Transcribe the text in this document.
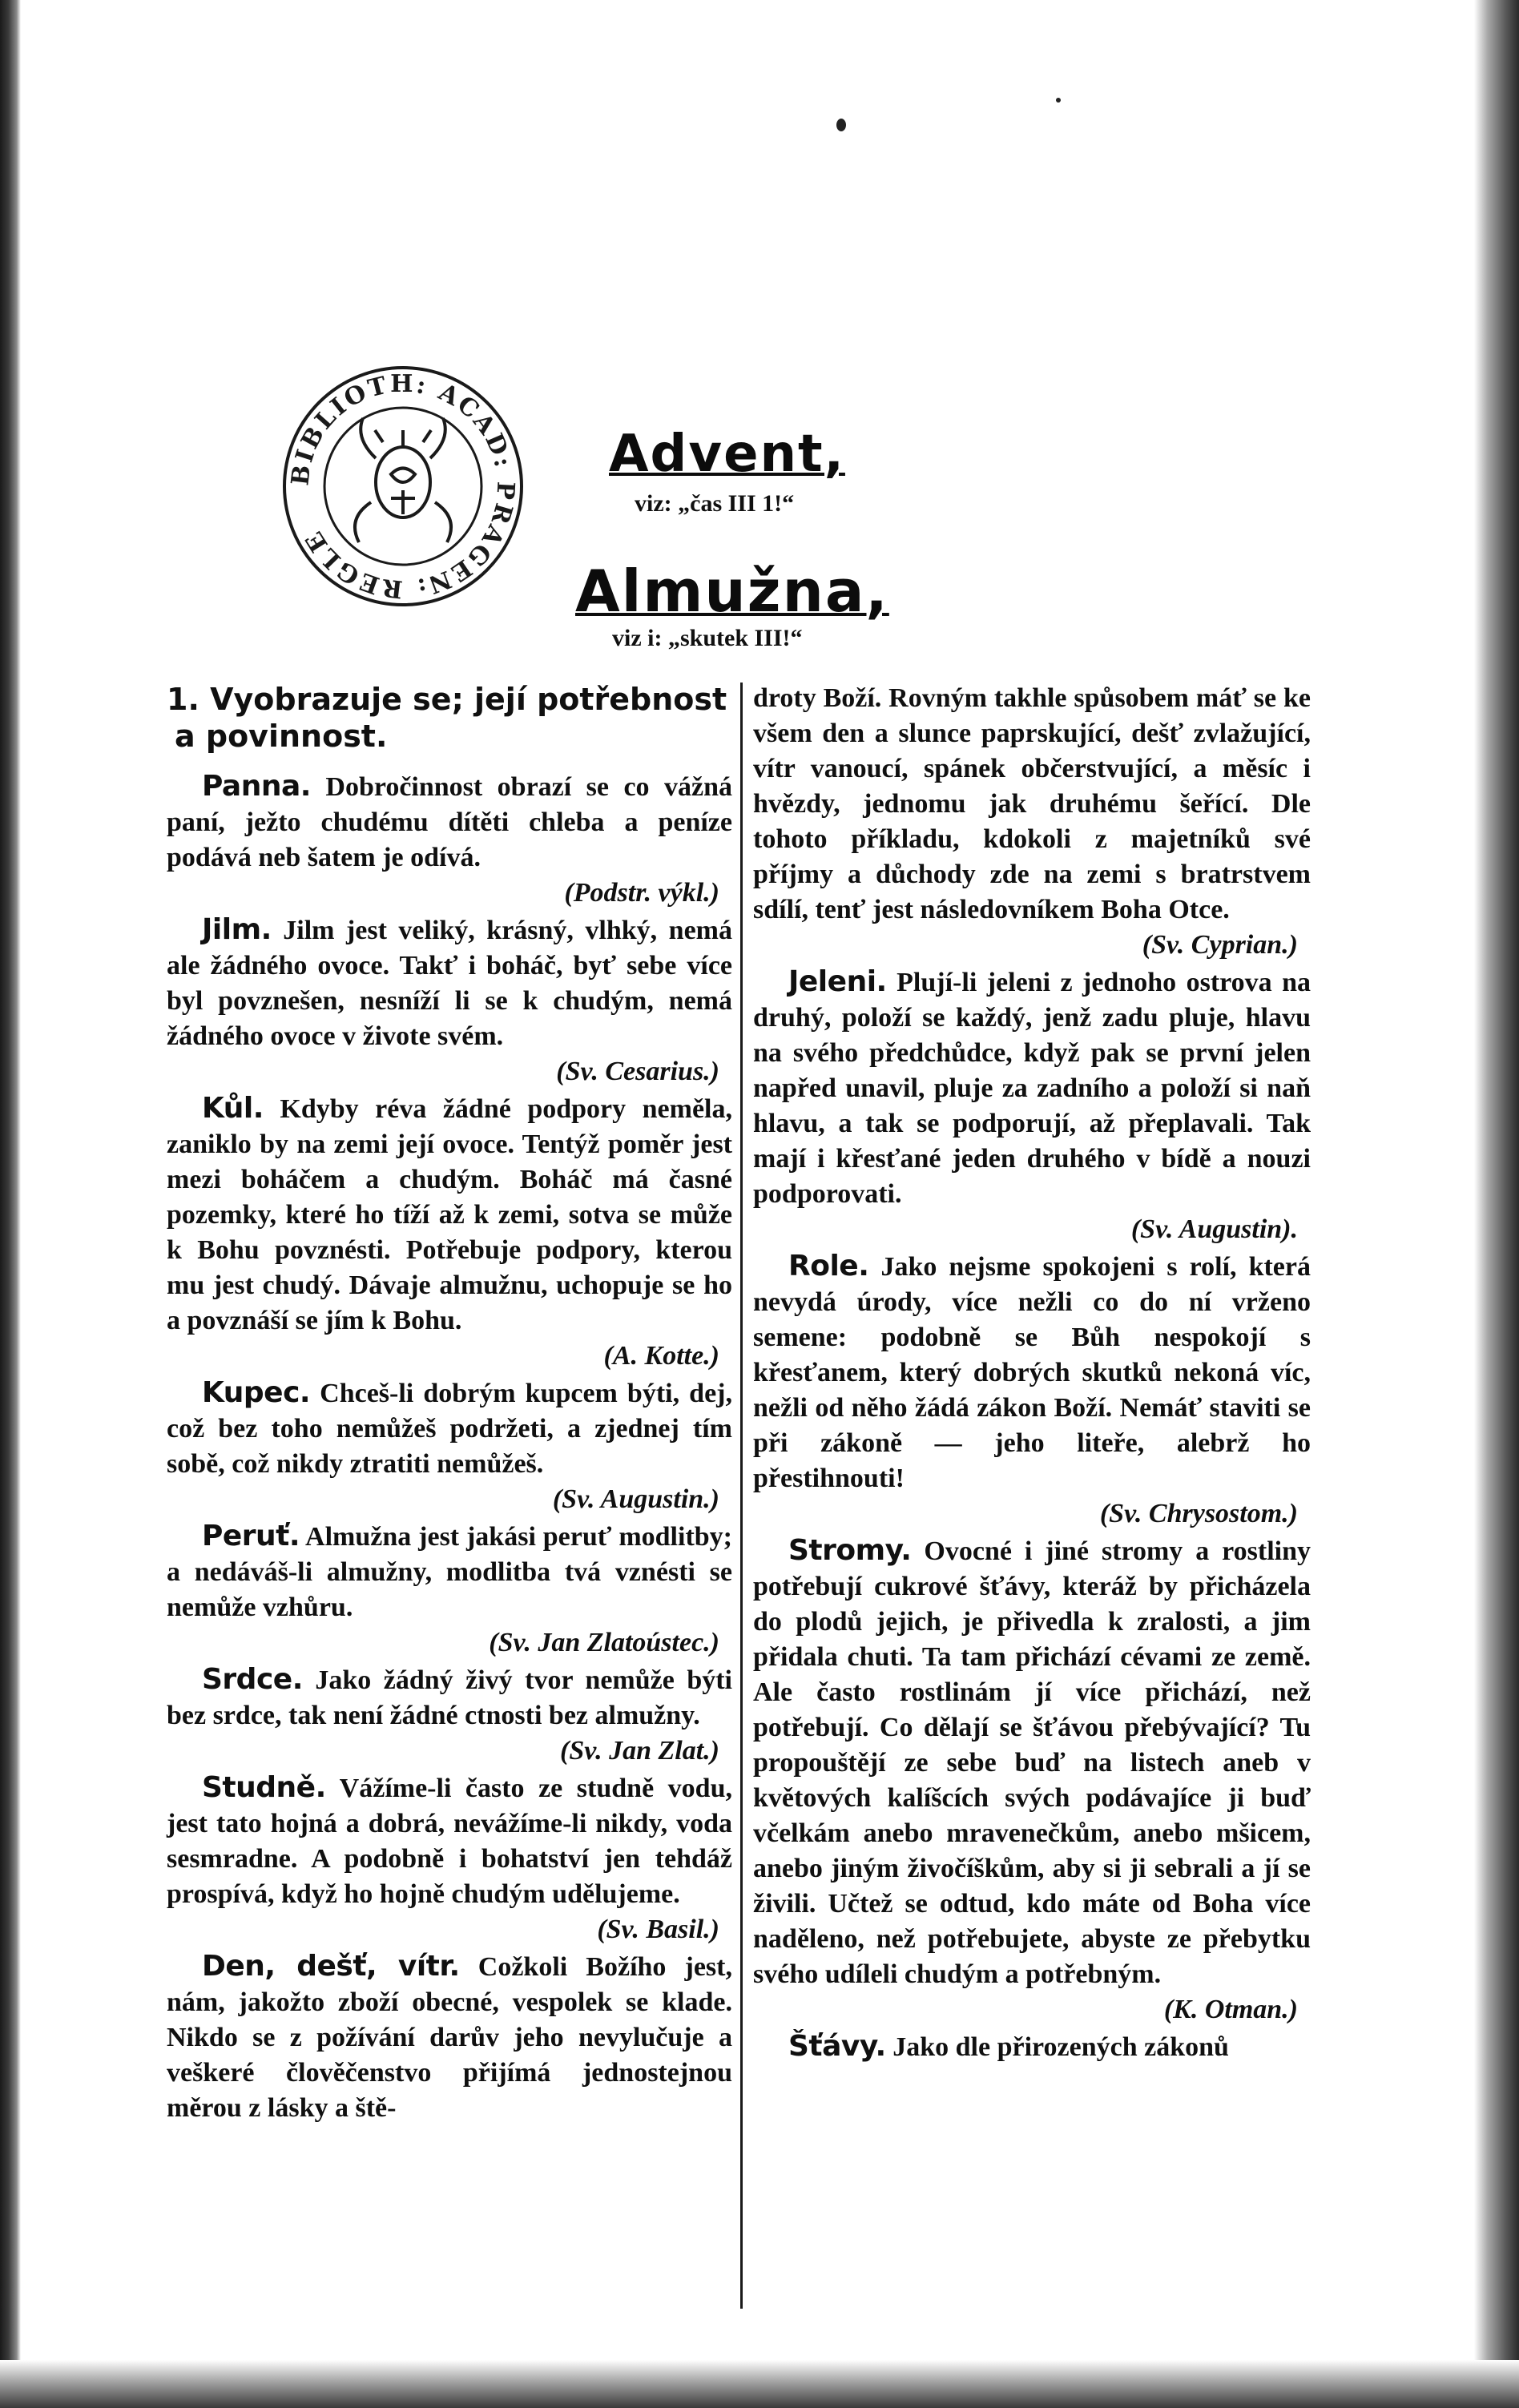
BIBLIOTH: ACAD: PRAGEN: REGLE
Advent,
viz: „čas III 1!“
Almužna,
viz i: „skutek III!“
1. Vyobrazuje se; její potřebnost
a povinnost.

Panna. Dobročinnost obrazí se co vážná paní, ježto chudému dítěti chleba a peníze podává neb šatem je odívá.
(Podstr. výkl.)

Jilm. Jilm jest veliký, krásný, vlhký, nemá ale žádného ovoce. Takť i boháč, byť sebe více byl povznešen, nesníží li se k chudým, nemá žádného ovoce v živote svém.
(Sv. Cesarius.)

Kůl. Kdyby réva žádné podpory neměla, zaniklo by na zemi její ovoce. Tentýž poměr jest mezi boháčem a chudým. Boháč má časné pozemky, které ho tíží až k zemi, sotva se může k Bohu povznésti. Potřebuje podpory, kterou mu jest chudý. Dávaje almužnu, uchopuje se ho a povznáší se jím k Bohu.
(A. Kotte.)

Kupec. Chceš-li dobrým kupcem býti, dej, což bez toho nemůžeš podržeti, a zjednej tím sobě, což nikdy ztratiti nemůžeš.
(Sv. Augustin.)

Peruť. Almužna jest jakási peruť modlitby; a nedáváš-li almužny, modlitba tvá vznésti se nemůže vzhůru.
(Sv. Jan Zlatoústec.)

Srdce. Jako žádný živý tvor nemůže býti bez srdce, tak není žádné ctnosti bez almužny.
(Sv. Jan Zlat.)

Studně. Vážíme-li často ze studně vodu, jest tato hojná a dobrá, nevážíme-li nikdy, voda sesmradne. A podobně i bohatství jen tehdáž prospívá, když ho hojně chudým udělujeme.
(Sv. Basil.)

Den, dešť, vítr. Cožkoli Božího jest, nám, jakožto zboží obecné, vespolek se klade. Nikdo se z požívání darův jeho nevylučuje a veškeré člověčenstvo přijímá jednostejnou měrou z lásky a ště-

droty Boží. Rovným takhle spůsobem máť se ke všem den a slunce paprskující, dešť zvlažující, vítr vanoucí, spánek občerstvující, a měsíc i hvězdy, jednomu jak druhému šeřící. Dle tohoto příkladu, kdokoli z majetníků své příjmy a důchody zde na zemi s bratrstvem sdílí, tenť jest následovníkem Boha Otce.
(Sv. Cyprian.)

Jeleni. Plují-li jeleni z jednoho ostrova na druhý, položí se každý, jenž zadu pluje, hlavu na svého předchůdce, když pak se první jelen napřed unavil, pluje za zadního a položí si naň hlavu, a tak se podporují, až přeplavali. Tak mají i křesťané jeden druhého v bídě a nouzi podporovati.
(Sv. Augustin).

Role. Jako nejsme spokojeni s rolí, která nevydá úrody, více nežli co do ní vrženo semene: podobně se Bůh nespokojí s křesťanem, který dobrých skutků nekoná víc, nežli od něho žádá zákon Boží. Nemáť staviti se při zákoně — jeho liteře, alebrž ho přestihnouti!
(Sv. Chrysostom.)

Stromy. Ovocné i jiné stromy a rostliny potřebují cukrové šťávy, kteráž by přicházela do plodů jejich, je přivedla k zralosti, a jim přidala chuti. Ta tam přichází cévami ze země. Ale často rostlinám jí více přichází, než potřebují. Co dělají se šťávou přebývající? Tu propouštějí ze sebe buď na listech aneb v květových kalíšcích svých podávajíce ji buď včelkám anebo mravenečkům, anebo mšicem, anebo jiným živočíškům, aby si ji sebrali a jí se živili. Učtež se odtud, kdo máte od Boha více naděleno, než potřebujete, abyste ze přebytku svého udíleli chudým a potřebným.
(K. Otman.)

Šťávy. Jako dle přirozených zákonů
